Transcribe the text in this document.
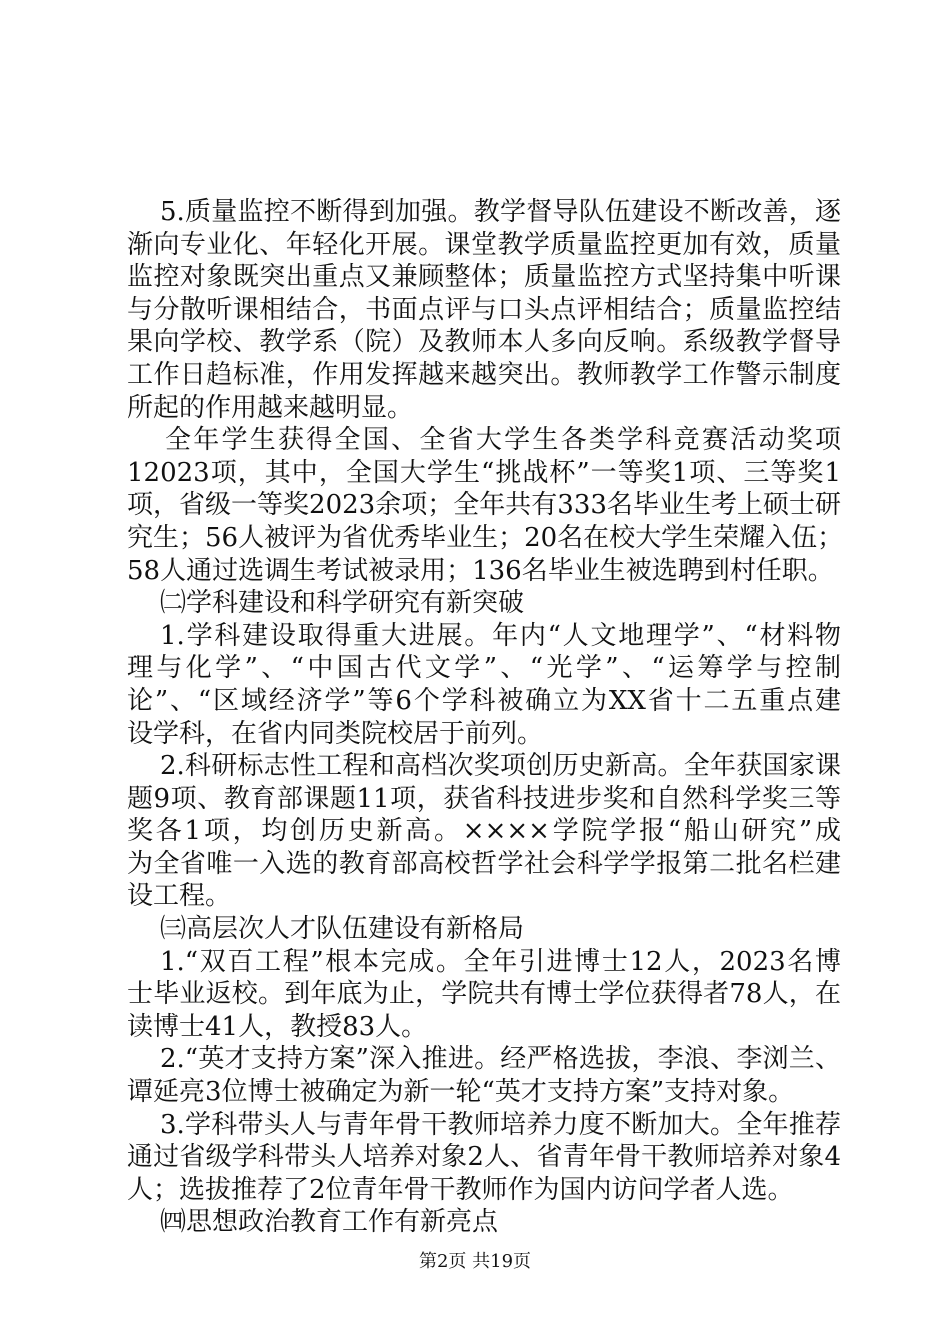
5.质量监控不断得到加强。教学督导队伍建设不断改善，逐
渐向专业化、年轻化开展。课堂教学质量监控更加有效，质量
监控对象既突出重点又兼顾整体；质量监控方式坚持集中听课
与分散听课相结合，书面点评与口头点评相结合；质量监控结
果向学校、教学系（院）及教师本人多向反响。系级教学督导
工作日趋标准，作用发挥越来越突出。教师教学工作警示制度
所起的作用越来越明显。
全年学生获得全国、全省大学生各类学科竞赛活动奖项
12023项，其中，全国大学生“挑战杯”一等奖1项、三等奖1
项，省级一等奖2023余项；全年共有333名毕业生考上硕士研
究生；56人被评为省优秀毕业生；20名在校大学生荣耀入伍；
58人通过选调生考试被录用；136名毕业生被选聘到村任职。
㈡学科建设和科学研究有新突破
1.学科建设取得重大进展。年内“人文地理学”、“材料物
理与化学”、“中国古代文学”、“光学”、“运筹学与控制
论”、“区域经济学”等6个学科被确立为XX省十二五重点建
设学科，在省内同类院校居于前列。
2.科研标志性工程和高档次奖项创历史新高。全年获国家课
题9项、教育部课题11项，获省科技进步奖和自然科学奖三等
奖各1项，均创历史新高。××××学院学报“船山研究”成
为全省唯一入选的教育部高校哲学社会科学学报第二批名栏建
设工程。
㈢高层次人才队伍建设有新格局
1.“双百工程”根本完成。全年引进博士12人，2023名博
士毕业返校。到年底为止，学院共有博士学位获得者78人，在
读博士41人，教授83人。
2.“英才支持方案”深入推进。经严格选拔，李浪、李浏兰、
谭延亮3位博士被确定为新一轮“英才支持方案”支持对象。
3.学科带头人与青年骨干教师培养力度不断加大。全年推荐
通过省级学科带头人培养对象2人、省青年骨干教师培养对象4
人；选拔推荐了2位青年骨干教师作为国内访问学者人选。
㈣思想政治教育工作有新亮点
第2页 共19页
